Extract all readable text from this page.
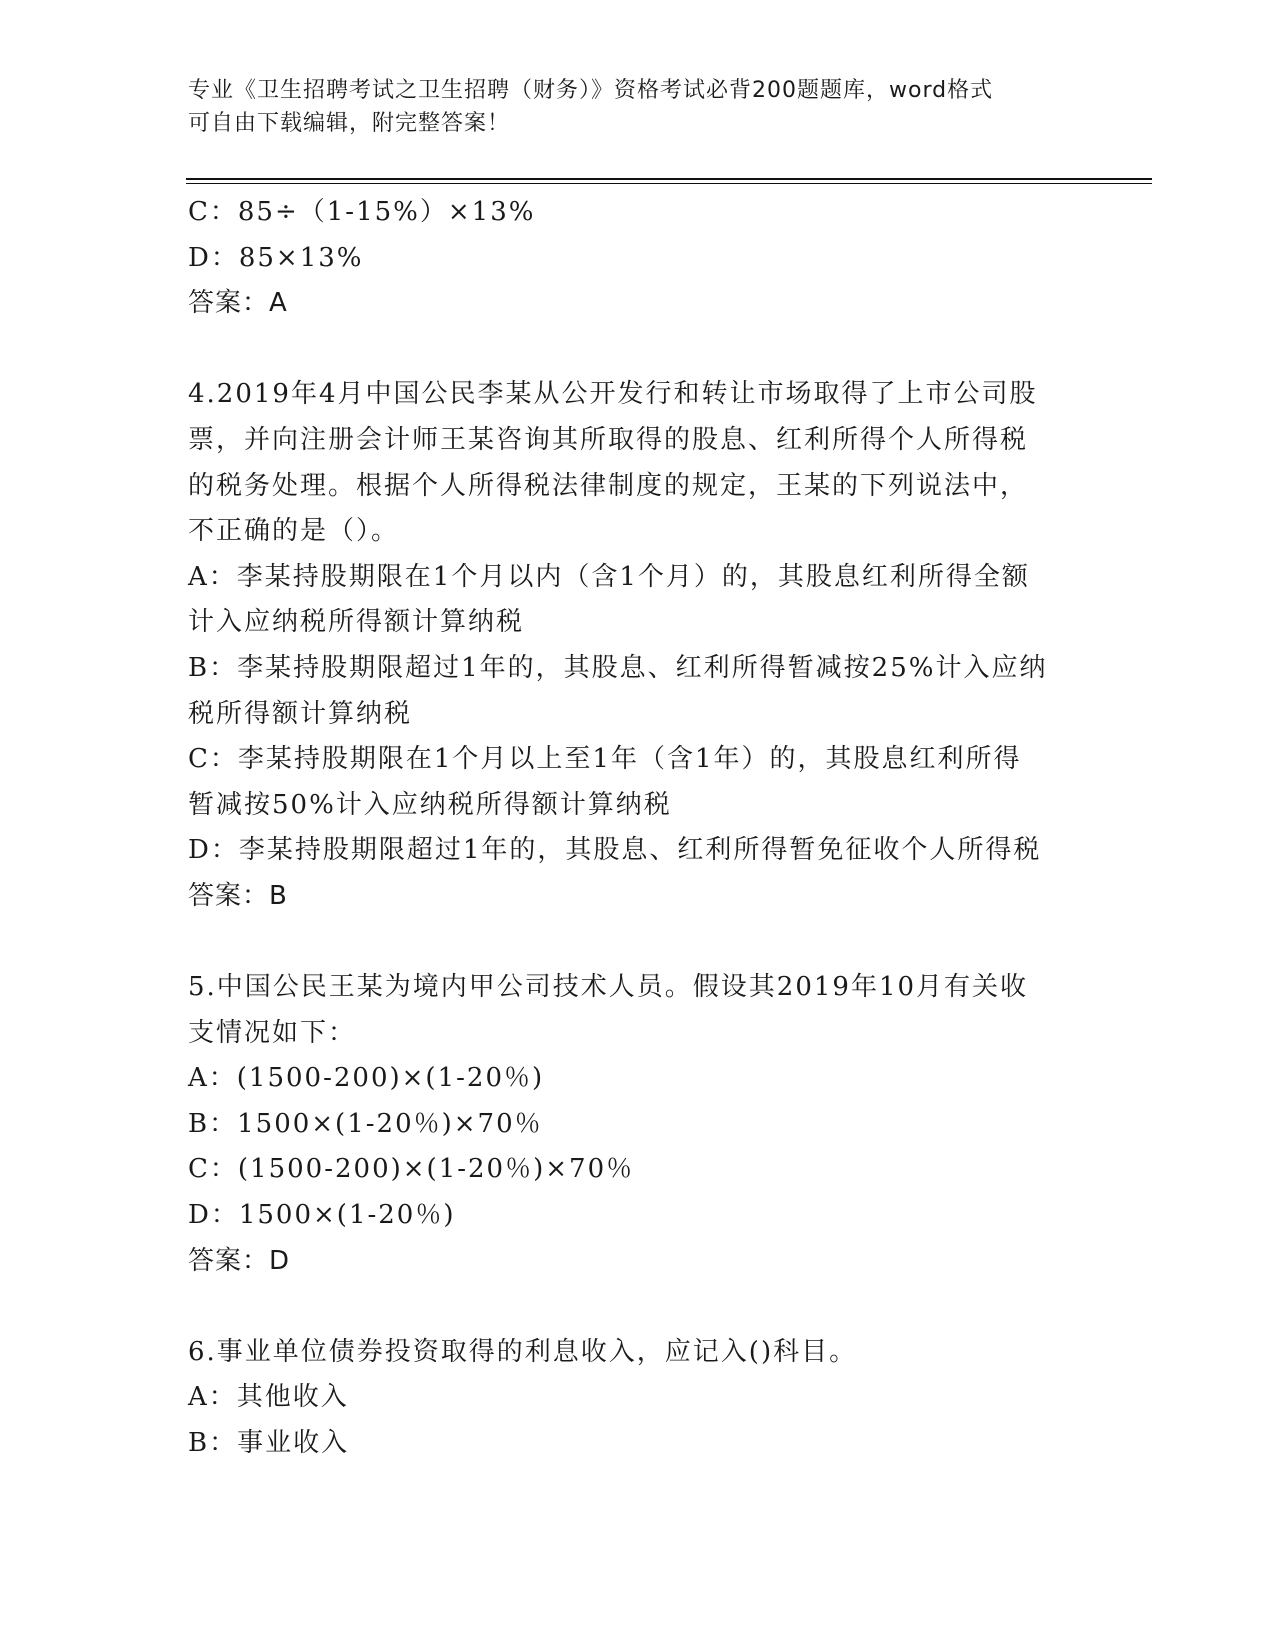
专业《卫生招聘考试之卫生招聘（财务）》资格考试必背200题题库，word格式
可自由下载编辑，附完整答案！
C：85÷（1-15%）×13%
D：85×13%
答案：A
4.2019年4月中国公民李某从公开发行和转让市场取得了上市公司股
票，并向注册会计师王某咨询其所取得的股息、红利所得个人所得税
的税务处理。根据个人所得税法律制度的规定，王某的下列说法中，
不正确的是（）。
A：李某持股期限在1个月以内（含1个月）的，其股息红利所得全额
计入应纳税所得额计算纳税
B：李某持股期限超过1年的，其股息、红利所得暂减按25%计入应纳
税所得额计算纳税
C：李某持股期限在1个月以上至1年（含1年）的，其股息红利所得
暂减按50%计入应纳税所得额计算纳税
D：李某持股期限超过1年的，其股息、红利所得暂免征收个人所得税
答案：B
5.中国公民王某为境内甲公司技术人员。假设其2019年10月有关收
支情况如下：
A：(1500-200)×(1-20％)
B：1500×(1-20％)×70％
C：(1500-200)×(1-20％)×70％
D：1500×(1-20％)
答案：D
6.事业单位债券投资取得的利息收入，应记入()科目。
A：其他收入
B：事业收入
